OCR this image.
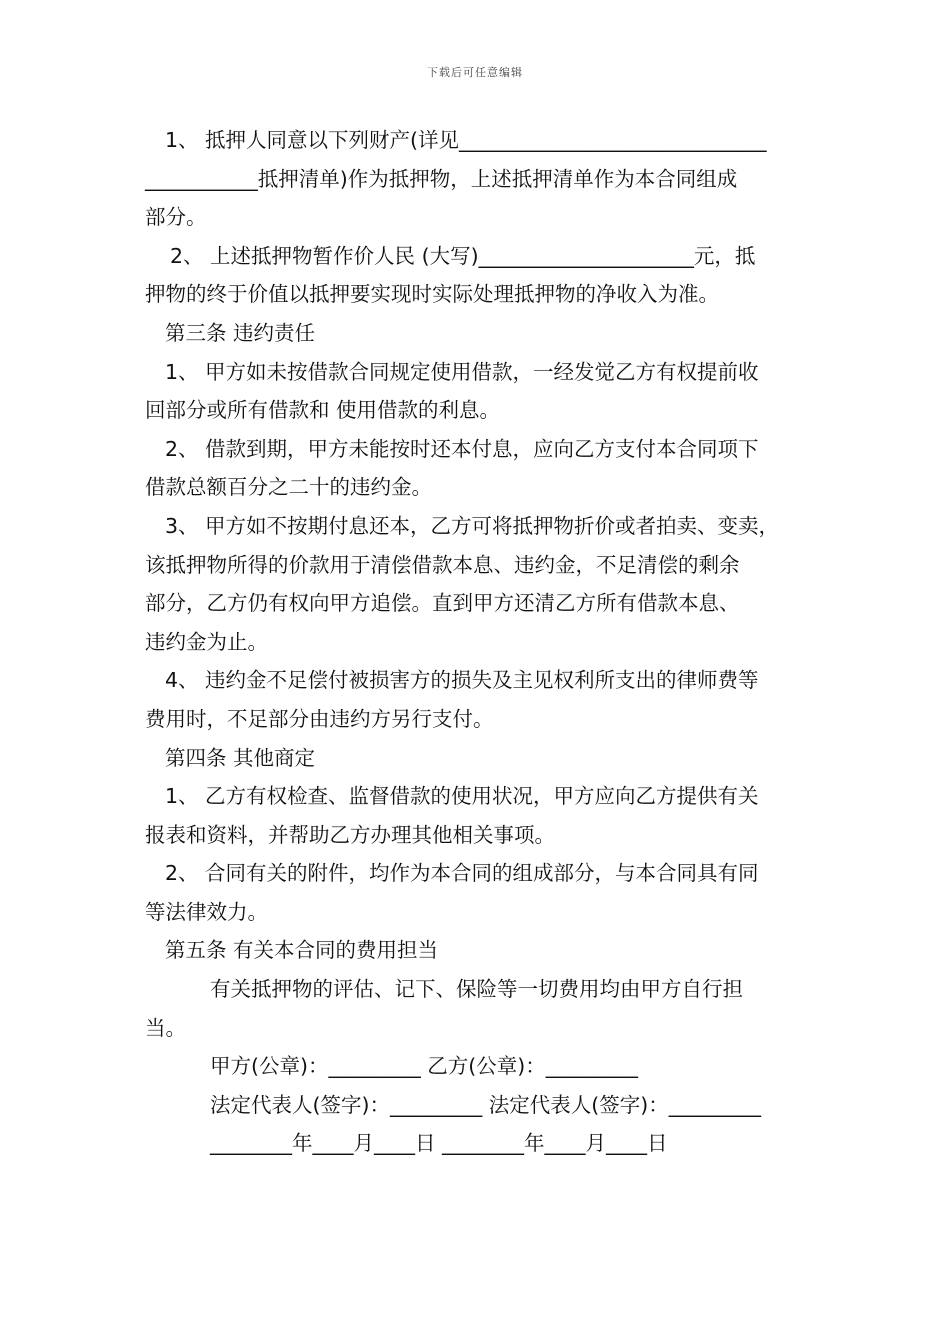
下载后可任意编辑
1、 抵押人同意以下列财产(详见______________________________
___________抵押清单)作为抵押物，上述抵押清单作为本合同组成
部分。
2、 上述抵押物暂作价人民 (大写)_____________________元，抵
押物的终于价值以抵押要实现时实际处理抵押物的净收入为准。
第三条 违约责任
1、 甲方如未按借款合同规定使用借款，一经发觉乙方有权提前收
回部分或所有借款和 使用借款的利息。
2、 借款到期，甲方未能按时还本付息，应向乙方支付本合同项下
借款总额百分之二十的违约金。
3、 甲方如不按期付息还本，乙方可将抵押物折价或者拍卖、变卖，
该抵押物所得的价款用于清偿借款本息、违约金，不足清偿的剩余
部分，乙方仍有权向甲方追偿。直到甲方还清乙方所有借款本息、
违约金为止。
4、 违约金不足偿付被损害方的损失及主见权利所支出的律师费等
费用时，不足部分由违约方另行支付。
第四条 其他商定
1、 乙方有权检查、监督借款的使用状况，甲方应向乙方提供有关
报表和资料，并帮助乙方办理其他相关事项。
2、 合同有关的附件，均作为本合同的组成部分，与本合同具有同
等法律效力。
第五条 有关本合同的费用担当
有关抵押物的评估、记下、保险等一切费用均由甲方自行担
当。
甲方(公章)：_________ 乙方(公章)：_________
法定代表人(签字)：_________ 法定代表人(签字)：_________
________年____月____日 ________年____月____日
